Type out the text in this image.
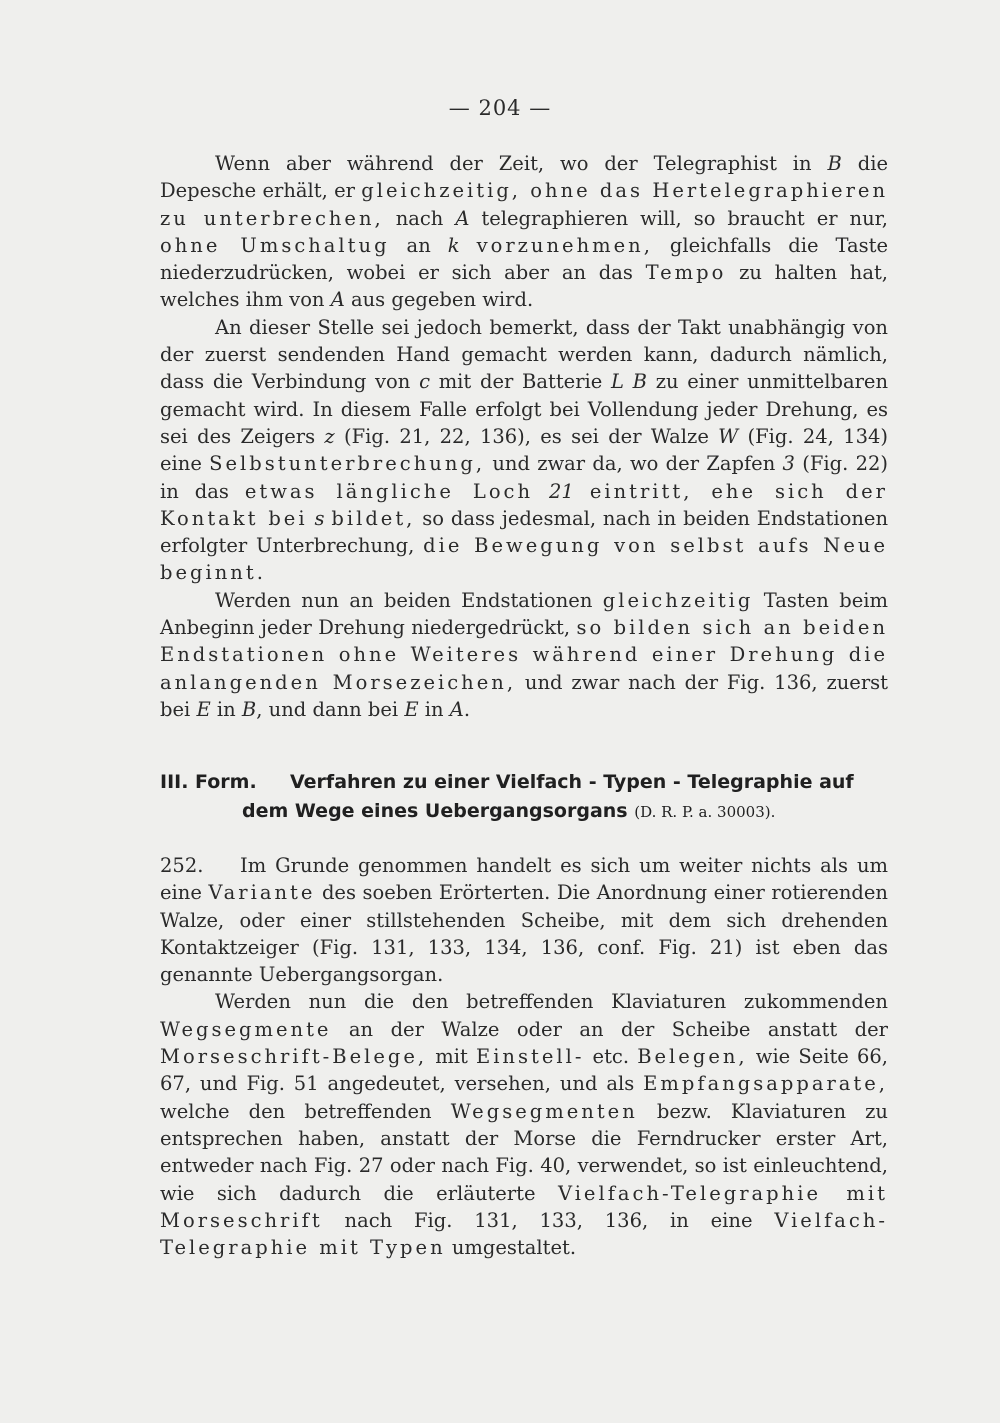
— 204 —

Wenn aber während der Zeit, wo der Telegraphist in B die Depesche erhält, er gleichzeitig, ohne das Hertelegraphieren zu unterbrechen, nach A telegraphieren will, so braucht er nur, ohne Umschaltug an k vorzunehmen, gleichfalls die Taste niederzudrücken, wobei er sich aber an das Tempo zu halten hat, welches ihm von A aus gegeben wird.

An dieser Stelle sei jedoch bemerkt, dass der Takt unabhängig von der zuerst sendenden Hand gemacht werden kann, dadurch nämlich, dass die Verbindung von c mit der Batterie L B zu einer unmittelbaren gemacht wird. In diesem Falle erfolgt bei Vollendung jeder Drehung, es sei des Zeigers z (Fig. 21, 22, 136), es sei der Walze W (Fig. 24, 134) eine Selbstunterbrechung, und zwar da, wo der Zapfen 3 (Fig. 22) in das etwas längliche Loch 21 eintritt, ehe sich der Kontakt bei s bildet, so dass jedesmal, nach in beiden Endstationen erfolgter Unterbrechung, die Bewegung von selbst aufs Neue beginnt.

Werden nun an beiden Endstationen gleichzeitig Tasten beim Anbeginn jeder Drehung niedergedrückt, so bilden sich an beiden Endstationen ohne Weiteres während einer Drehung die anlangenden Morsezeichen, und zwar nach der Fig. 136, zuerst bei E in B, und dann bei E in A.

III. Form. Verfahren zu einer Vielfach - Typen - Telegraphie auf
dem Wege eines Uebergangsorgans (D. R. P. a. 30003).

252. Im Grunde genommen handelt es sich um weiter nichts als um eine Variante des soeben Erörterten. Die Anordnung einer rotierenden Walze, oder einer stillstehenden Scheibe, mit dem sich drehenden Kontaktzeiger (Fig. 131, 133, 134, 136, conf. Fig. 21) ist eben das genannte Uebergangsorgan.

Werden nun die den betreffenden Klaviaturen zukommenden Wegsegmente an der Walze oder an der Scheibe anstatt der Morseschrift-Belege, mit Einstell- etc. Belegen, wie Seite 66, 67, und Fig. 51 angedeutet, versehen, und als Empfangsapparate, welche den betreffenden Wegsegmenten bezw. Klaviaturen zu entsprechen haben, anstatt der Morse die Ferndrucker erster Art, entweder nach Fig. 27 oder nach Fig. 40, verwendet, so ist einleuchtend, wie sich dadurch die erläuterte Vielfach-Telegraphie mit Morseschrift nach Fig. 131, 133, 136, in eine Vielfach-Telegraphie mit Typen umgestaltet.
